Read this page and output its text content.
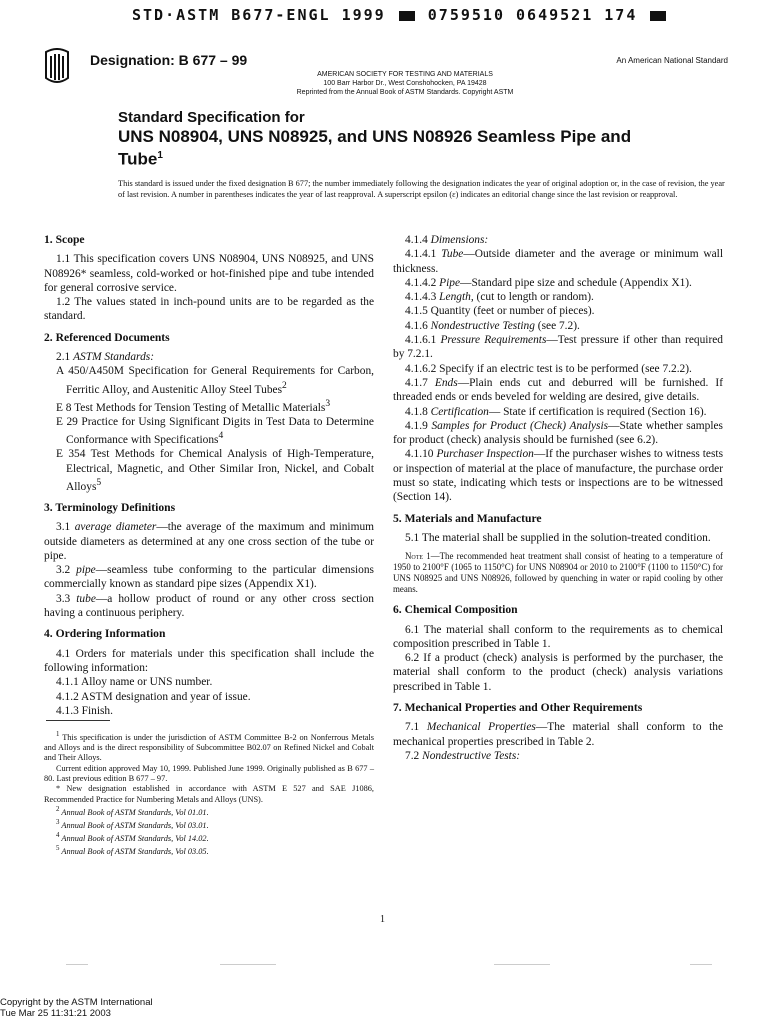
STD·ASTM B677-ENGL 1999	0759510 0649521 174
Designation: B 677 – 99	An American National Standard
AMERICAN SOCIETY FOR TESTING AND MATERIALS
100 Barr Harbor Dr., West Conshohocken, PA 19428
Reprinted from the Annual Book of ASTM Standards. Copyright ASTM
Standard Specification for
UNS N08904, UNS N08925, and UNS N08926 Seamless Pipe and Tube$^1$
This standard is issued under the fixed designation B 677; the number immediately following the designation indicates the year of original adoption or, in the case of revision, the year of last revision. A number in parentheses indicates the year of last reapproval. A superscript epsilon (ε) indicates an editorial change since the last revision or reapproval.
1. Scope

1.1 This specification covers UNS N08904, UNS N08925, and UNS N08926* seamless, cold-worked or hot-finished pipe and tube intended for general corrosive service.

1.2 The values stated in inch-pound units are to be regarded as the standard.

2. Referenced Documents

2.1 ASTM Standards:

A 450/A450M Specification for General Requirements for Carbon, Ferritic Alloy, and Austenitic Alloy Steel Tubes$^2$

E 8 Test Methods for Tension Testing of Metallic Materials$^3$

E 29 Practice for Using Significant Digits in Test Data to Determine Conformance with Specifications$^4$

E 354 Test Methods for Chemical Analysis of High-Temperature, Electrical, Magnetic, and Other Similar Iron, Nickel, and Cobalt Alloys$^5$

3. Terminology Definitions

3.1 average diameter—the average of the maximum and minimum outside diameters as determined at any one cross section of the tube or pipe.

3.2 pipe—seamless tube conforming to the particular dimensions commercially known as standard pipe sizes (Appendix X1).

3.3 tube—a hollow product of round or any other cross section having a continuous periphery.

4. Ordering Information

4.1 Orders for materials under this specification shall include the following information:

4.1.1 Alloy name or UNS number.

4.1.2 ASTM designation and year of issue.

4.1.3 Finish.

$^1$ This specification is under the jurisdiction of ASTM Committee B-2 on Nonferrous Metals and Alloys and is the direct responsibility of Subcommittee B02.07 on Refined Nickel and Cobalt and Their Alloys.

Current edition approved May 10, 1999. Published June 1999. Originally published as B 677 – 80. Last previous edition B 677 – 97.

* New designation established in accordance with ASTM E 527 and SAE J1086, Recommended Practice for Numbering Metals and Alloys (UNS).

$^2$ Annual Book of ASTM Standards, Vol 01.01.

$^3$ Annual Book of ASTM Standards, Vol 03.01.

$^4$ Annual Book of ASTM Standards, Vol 14.02.

$^5$ Annual Book of ASTM Standards, Vol 03.05.

4.1.4 Dimensions:

4.1.4.1 Tube—Outside diameter and the average or minimum wall thickness.

4.1.4.2 Pipe—Standard pipe size and schedule (Appendix X1).

4.1.4.3 Length, (cut to length or random).

4.1.5 Quantity (feet or number of pieces).

4.1.6 Nondestructive Testing (see 7.2).

4.1.6.1 Pressure Requirements—Test pressure if other than required by 7.2.1.

4.1.6.2 Specify if an electric test is to be performed (see 7.2.2).

4.1.7 Ends—Plain ends cut and deburred will be furnished. If threaded ends or ends beveled for welding are desired, give details.

4.1.8 Certification— State if certification is required (Section 16).

4.1.9 Samples for Product (Check) Analysis—State whether samples for product (check) analysis should be furnished (see 6.2).

4.1.10 Purchaser Inspection—If the purchaser wishes to witness tests or inspection of material at the place of manufacture, the purchase order must so state, indicating which tests or inspections are to be witnessed (Section 14).

5. Materials and Manufacture

5.1 The material shall be supplied in the solution-treated condition.

Note 1—The recommended heat treatment shall consist of heating to a temperature of 1950 to 2100°F (1065 to 1150°C) for UNS N08904 or 2010 to 2100°F (1100 to 1150°C) for UNS N08925 and UNS N08926, followed by quenching in water or rapid cooling by other means.

6. Chemical Composition

6.1 The material shall conform to the requirements as to chemical composition prescribed in Table 1.

6.2 If a product (check) analysis is performed by the purchaser, the material shall conform to the product (check) analysis variations prescribed in Table 1.

7. Mechanical Properties and Other Requirements

7.1 Mechanical Properties—The material shall conform to the mechanical properties prescribed in Table 2.

7.2 Nondestructive Tests:

1
Copyright by the ASTM International
Tue Mar 25 11:31:21 2003
